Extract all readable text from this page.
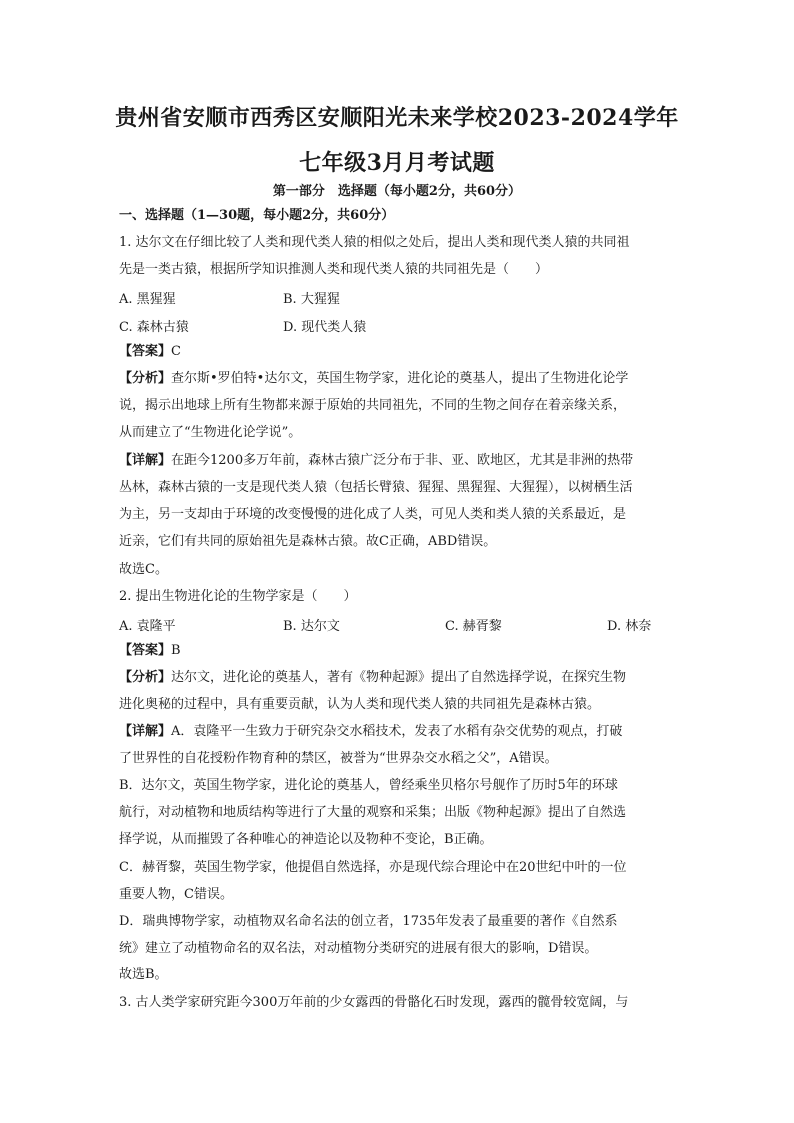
贵州省安顺市西秀区安顺阳光未来学校2023-2024学年
七年级3月月考试题
第一部分　选择题（每小题2分，共60分）
一、选择题（1—30题，每小题2分，共60分）
1. 达尔文在仔细比较了人类和现代类人猿的相似之处后，提出人类和现代类人猿的共同祖
先是一类古猿，根据所学知识推测人类和现代类人猿的共同祖先是（　　）
A. 黑猩猩	B. 大猩猩
C. 森林古猿	D. 现代类人猿
【答案】C
【分析】查尔斯•罗伯特•达尔文，英国生物学家，进化论的奠基人，提出了生物进化论学
说，揭示出地球上所有生物都来源于原始的共同祖先，不同的生物之间存在着亲缘关系，
从而建立了“生物进化论学说”。
【详解】在距今1200多万年前，森林古猿广泛分布于非、亚、欧地区，尤其是非洲的热带
丛林，森林古猿的一支是现代类人猿（包括长臂猿、猩猩、黑猩猩、大猩猩），以树栖生活
为主，另一支却由于环境的改变慢慢的进化成了人类，可见人类和类人猿的关系最近，是
近亲，它们有共同的原始祖先是森林古猿。故C正确，ABD错误。
故选C。
2. 提出生物进化论的生物学家是（　　）
A. 袁隆平	B. 达尔文	C. 赫胥黎	D. 林奈
【答案】B
【分析】达尔文，进化论的奠基人，著有《物种起源》提出了自然选择学说，在探究生物
进化奥秘的过程中，具有重要贡献，认为人类和现代类人猿的共同祖先是森林古猿。
【详解】A．袁隆平一生致力于研究杂交水稻技术，发表了水稻有杂交优势的观点，打破
了世界性的自花授粉作物育种的禁区，被誉为“世界杂交水稻之父”，A错误。
B．达尔文，英国生物学家，进化论的奠基人，曾经乘坐贝格尔号舰作了历时5年的环球
航行，对动植物和地质结构等进行了大量的观察和采集；出版《物种起源》提出了自然选
择学说，从而摧毁了各种唯心的神造论以及物种不变论，B正确。
C．赫胥黎，英国生物学家，他提倡自然选择，亦是现代综合理论中在20世纪中叶的一位
重要人物，C错误。
D．瑞典博物学家，动植物双名命名法的创立者，1735年发表了最重要的著作《自然系
统》建立了动植物命名的双名法，对动植物分类研究的进展有很大的影响，D错误。
故选B。
3. 古人类学家研究距今300万年前的少女露西的骨骼化石时发现，露西的髋骨较宽阔，与
